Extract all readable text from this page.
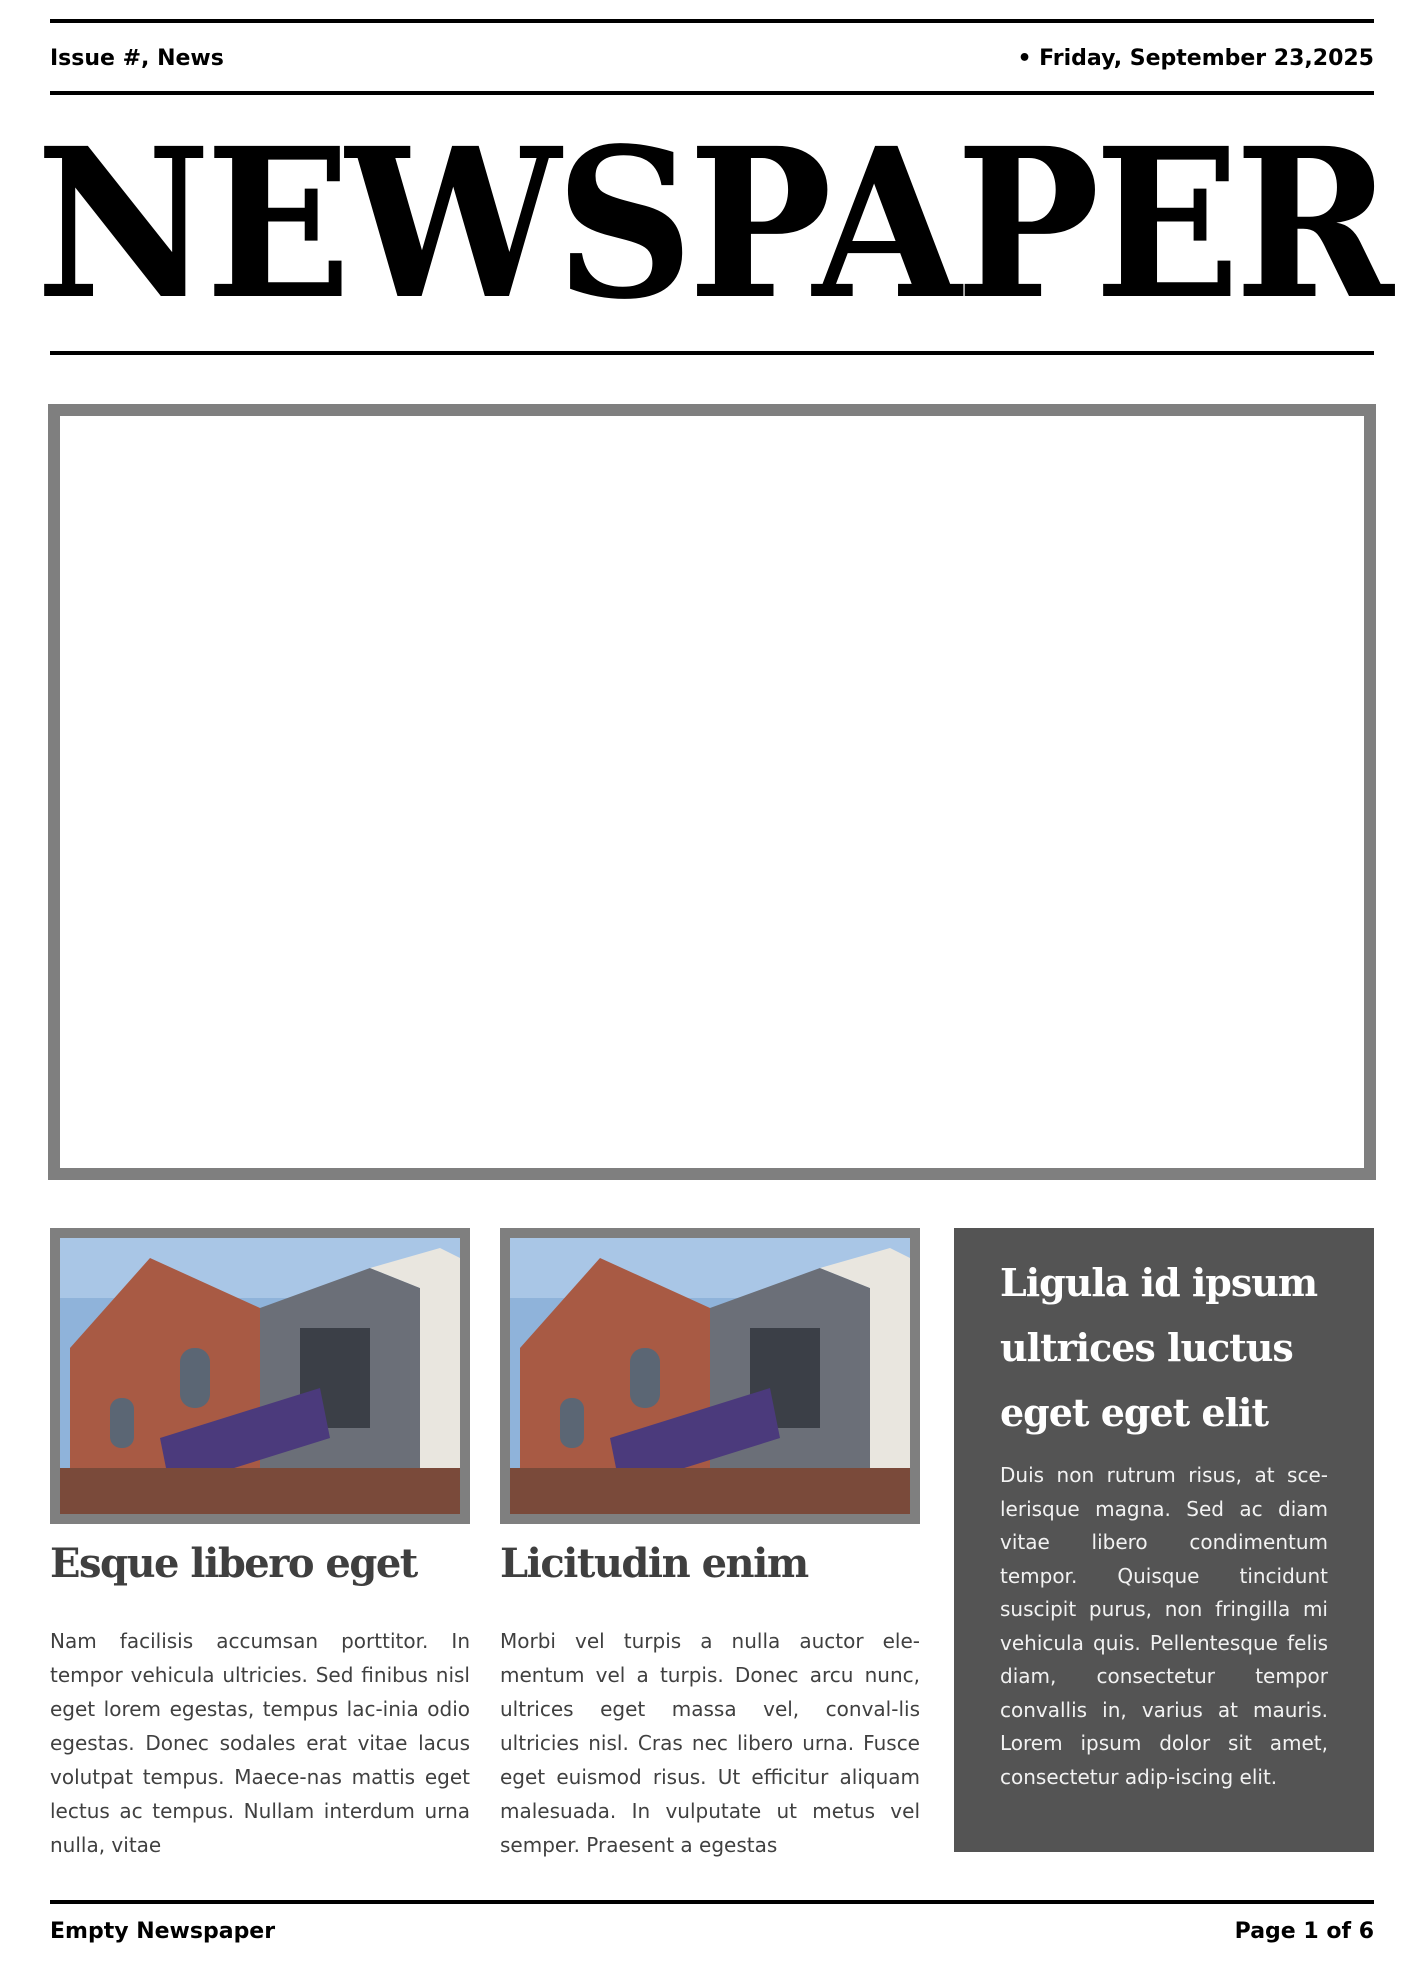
Issue #, News	• Friday, September 23,2025
NEWSPAPER
Esque libero eget Licitudin enim
Nam facilisis accumsan porttitor. In tempor vehicula ultricies. Sed finibus nisl eget lorem egestas, tempus lac-inia odio egestas. Donec sodales erat vitae lacus volutpat tempus. Maece-nas mattis eget lectus ac tempus. Nullam interdum urna nulla, vitae
Morbi vel turpis a nulla auctor ele-mentum vel a turpis. Donec arcu nunc, ultrices eget massa vel, conval-lis ultricies nisl. Cras nec libero urna. Fusce eget euismod risus. Ut efficitur aliquam malesuada. In vulputate ut metus vel semper. Praesent a egestas
Ligula id ipsum ultrices luctus eget eget elit
Duis non rutrum risus, at sce-lerisque magna. Sed ac diam vitae libero condimentum tempor. Quisque tincidunt suscipit purus, non fringilla mi vehicula quis. Pellentesque felis diam, consectetur tempor convallis in, varius at mauris. Lorem ipsum dolor sit amet, consectetur adip-iscing elit.
Empty Newspaper	Page 1 of 6
